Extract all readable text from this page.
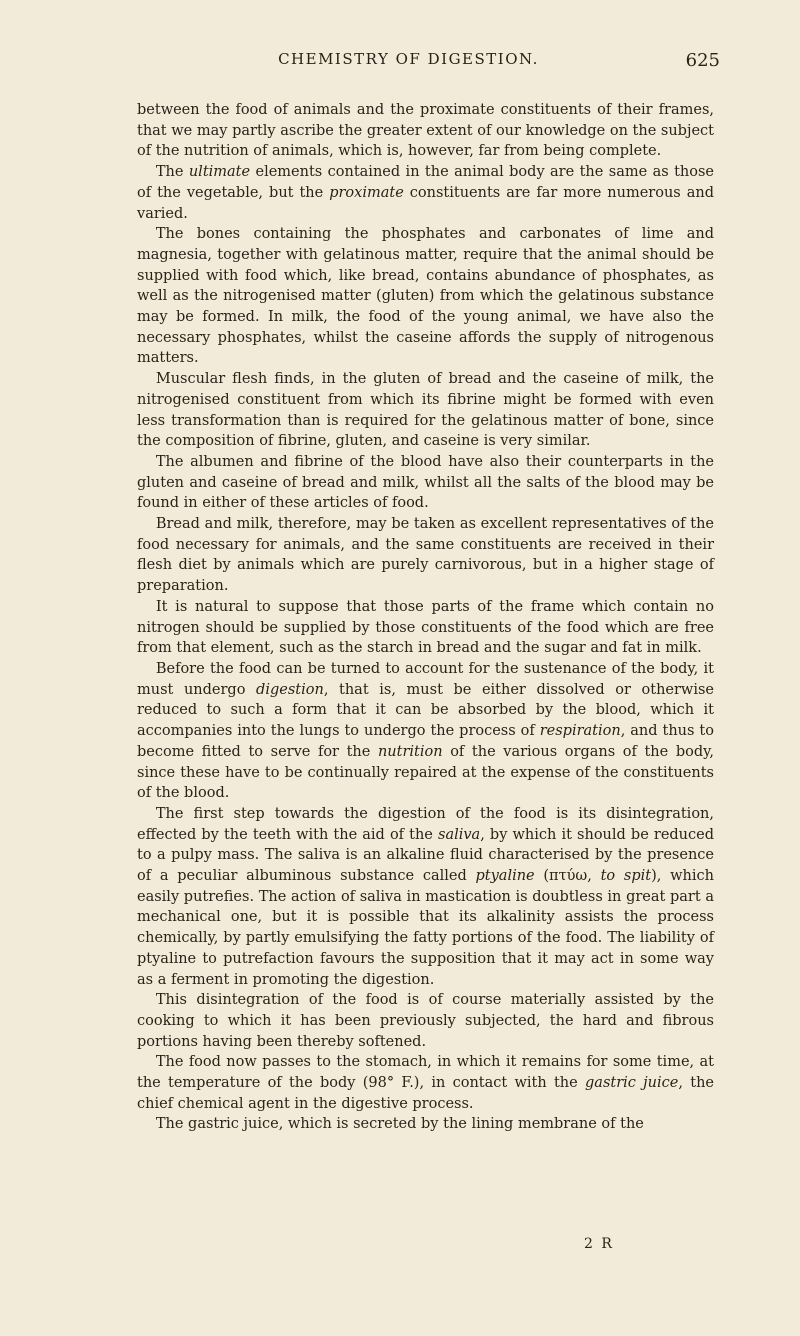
CHEMISTRY OF DIGESTION.	625

between the food of animals and the proximate constituents of their frames, that we may partly ascribe the greater extent of our knowledge on the subject of the nutrition of animals, which is, however, far from being complete.

The ultimate elements contained in the animal body are the same as those of the vegetable, but the proximate constituents are far more numerous and varied.

The bones containing the phosphates and carbonates of lime and magnesia, together with gelatinous matter, require that the animal should be supplied with food which, like bread, contains abundance of phosphates, as well as the nitrogenised matter (gluten) from which the gelatinous substance may be formed. In milk, the food of the young animal, we have also the necessary phosphates, whilst the caseine affords the supply of nitrogenous matters.

Muscular flesh finds, in the gluten of bread and the caseine of milk, the nitrogenised constituent from which its fibrine might be formed with even less transformation than is required for the gelatinous matter of bone, since the composition of fibrine, gluten, and caseine is very similar.

The albumen and fibrine of the blood have also their counterparts in the gluten and caseine of bread and milk, whilst all the salts of the blood may be found in either of these articles of food.

Bread and milk, therefore, may be taken as excellent representatives of the food necessary for animals, and the same constituents are received in their flesh diet by animals which are purely carnivorous, but in a higher stage of preparation.

It is natural to suppose that those parts of the frame which contain no nitrogen should be supplied by those constituents of the food which are free from that element, such as the starch in bread and the sugar and fat in milk.

Before the food can be turned to account for the sustenance of the body, it must undergo digestion, that is, must be either dissolved or otherwise reduced to such a form that it can be absorbed by the blood, which it accompanies into the lungs to undergo the process of respiration, and thus to become fitted to serve for the nutrition of the various organs of the body, since these have to be continually repaired at the expense of the constituents of the blood.

The first step towards the digestion of the food is its disintegration, effected by the teeth with the aid of the saliva, by which it should be reduced to a pulpy mass. The saliva is an alkaline fluid characterised by the presence of a peculiar albuminous substance called ptyaline (πτύω, to spit), which easily putrefies. The action of saliva in mastication is doubtless in great part a mechanical one, but it is possible that its alkalinity assists the process chemically, by partly emulsifying the fatty portions of the food. The liability of ptyaline to putrefaction favours the supposition that it may act in some way as a ferment in promoting the digestion.

This disintegration of the food is of course materially assisted by the cooking to which it has been previously subjected, the hard and fibrous portions having been thereby softened.

The food now passes to the stomach, in which it remains for some time, at the temperature of the body (98° F.), in contact with the gastric juice, the chief chemical agent in the digestive process.

The gastric juice, which is secreted by the lining membrane of the

2 R
